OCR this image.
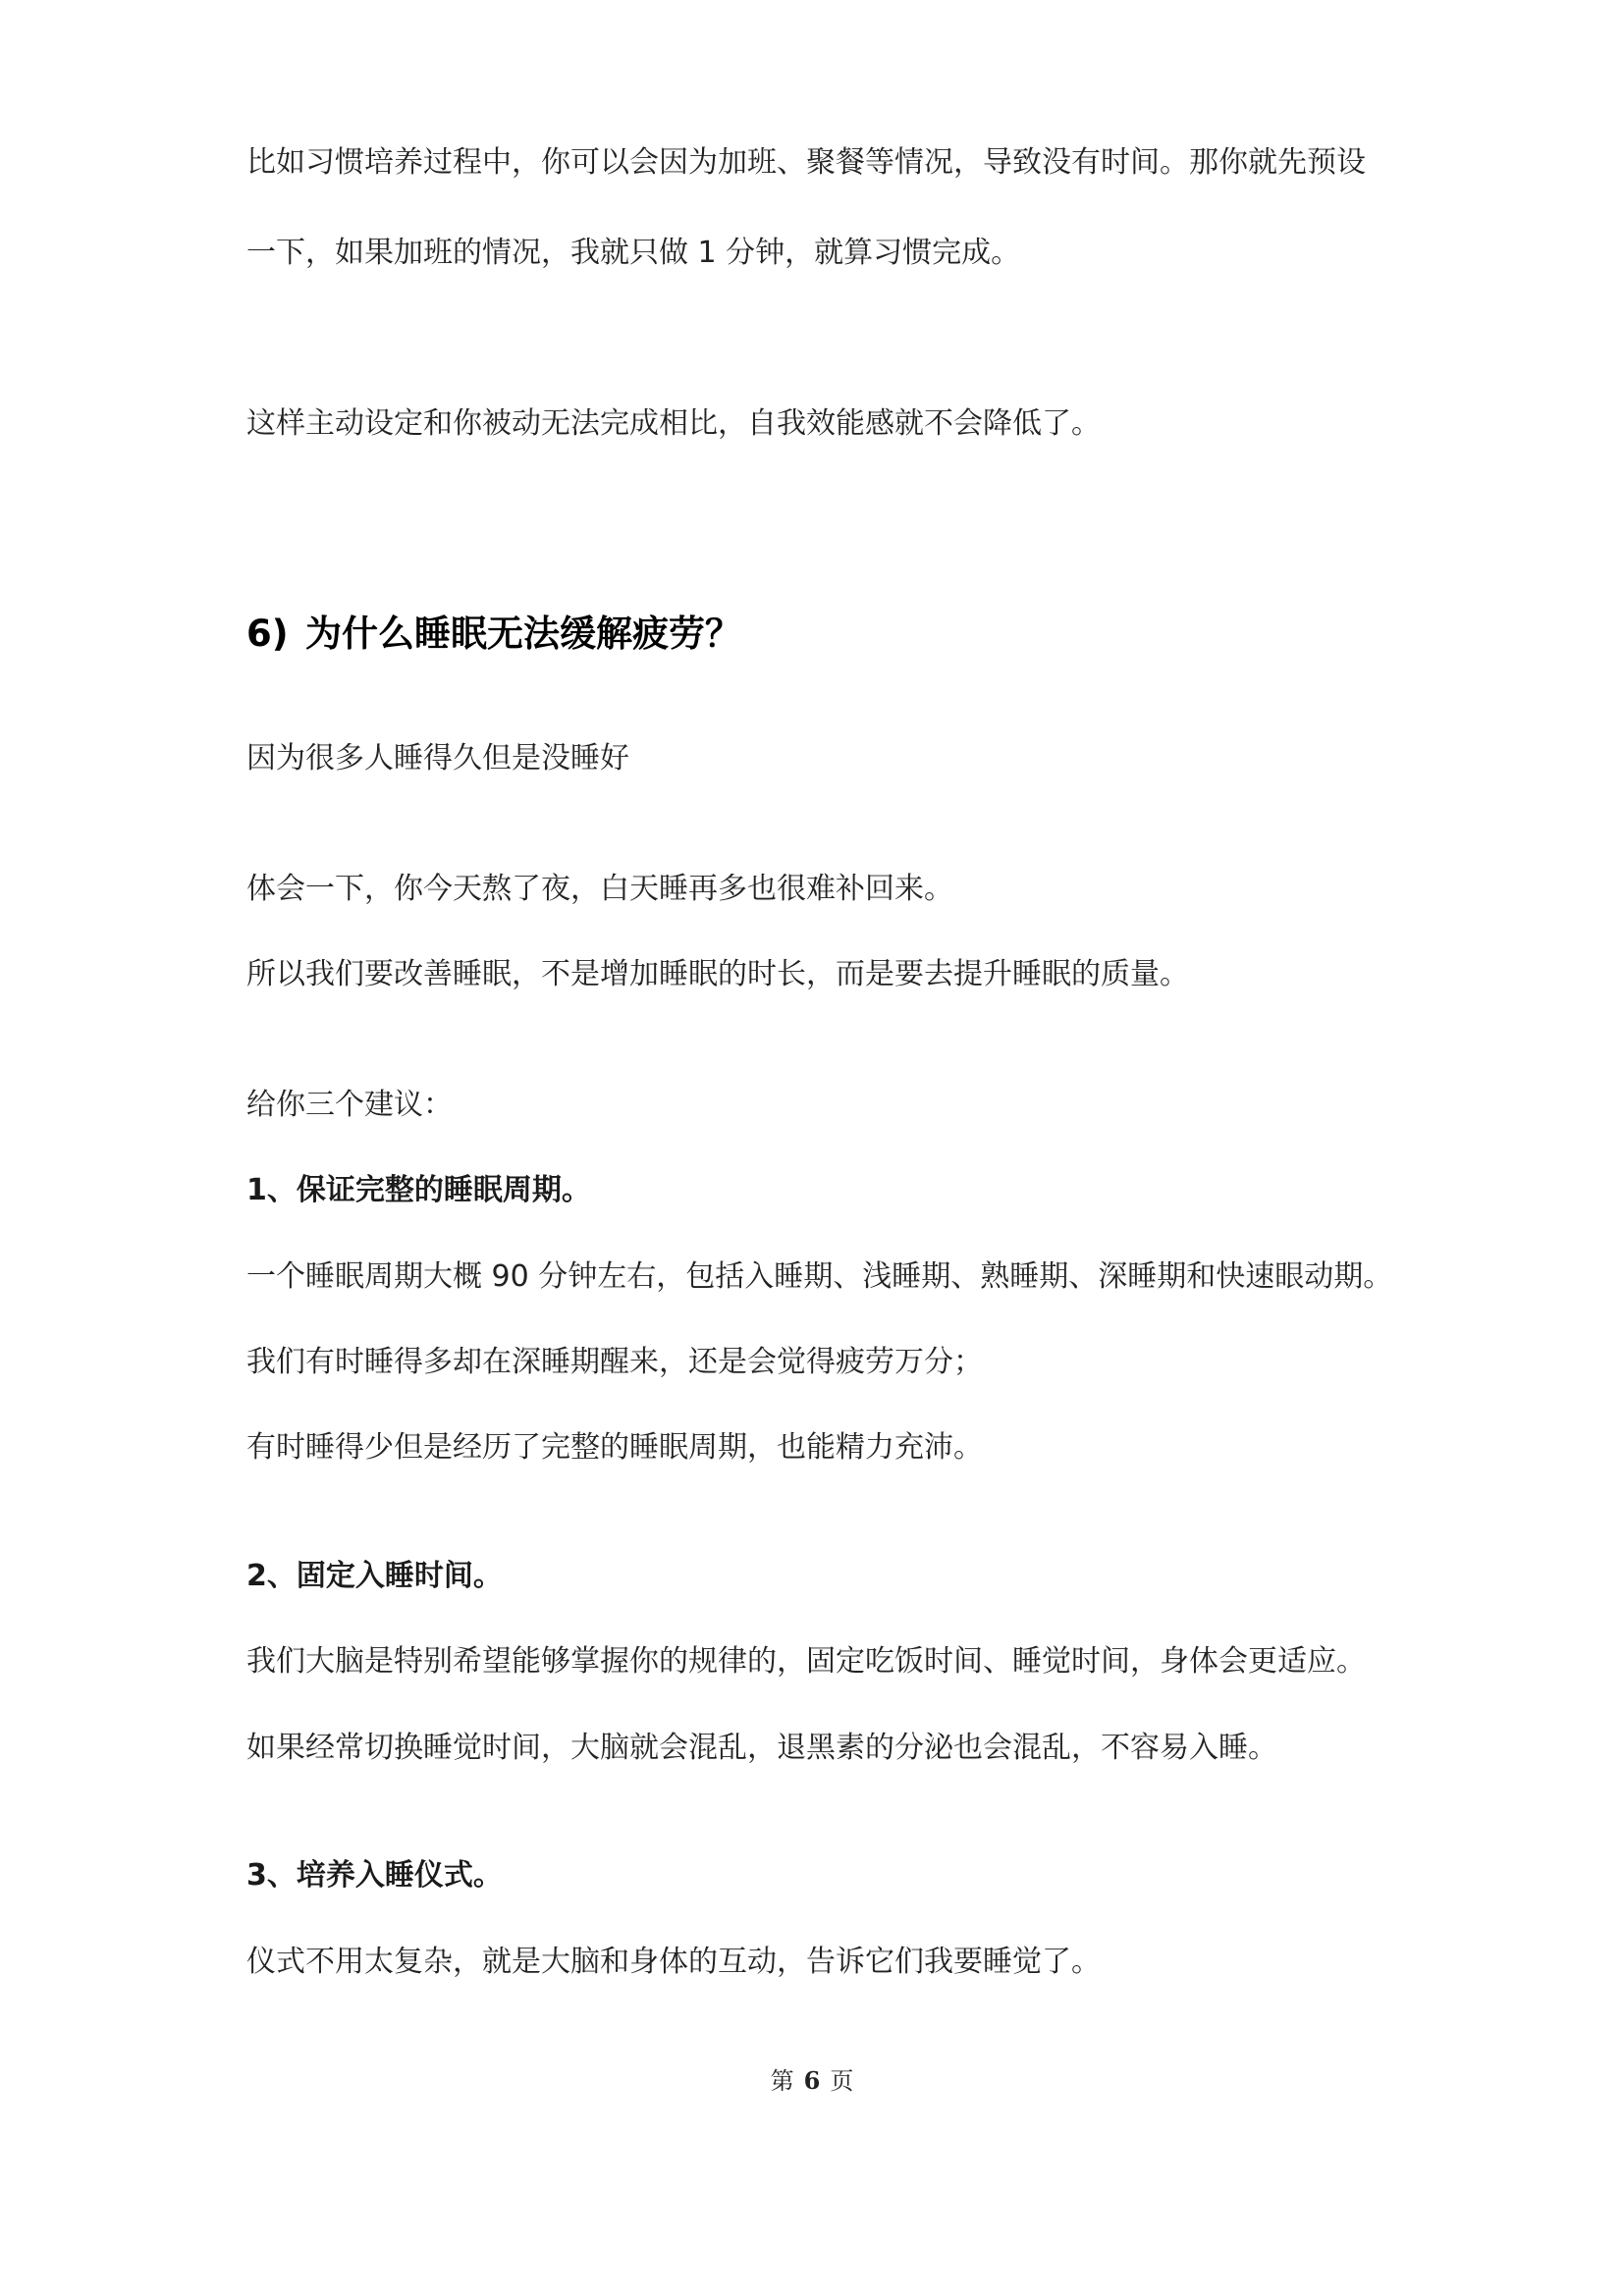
比如习惯培养过程中，你可以会因为加班、聚餐等情况，导致没有时间。那你就先预设
一下，如果加班的情况，我就只做 1 分钟，就算习惯完成。
这样主动设定和你被动无法完成相比，自我效能感就不会降低了。
6) 为什么睡眠无法缓解疲劳？
因为很多人睡得久但是没睡好
体会一下，你今天熬了夜，白天睡再多也很难补回来。
所以我们要改善睡眠，不是增加睡眠的时长，而是要去提升睡眠的质量。
给你三个建议：
1、保证完整的睡眠周期。
一个睡眠周期大概 90 分钟左右，包括入睡期、浅睡期、熟睡期、深睡期和快速眼动期。
我们有时睡得多却在深睡期醒来，还是会觉得疲劳万分；
有时睡得少但是经历了完整的睡眠周期，也能精力充沛。
2、固定入睡时间。
我们大脑是特别希望能够掌握你的规律的，固定吃饭时间、睡觉时间，身体会更适应。
如果经常切换睡觉时间，大脑就会混乱，退黑素的分泌也会混乱，不容易入睡。
3、培养入睡仪式。
仪式不用太复杂，就是大脑和身体的互动，告诉它们我要睡觉了。
第 6 页
